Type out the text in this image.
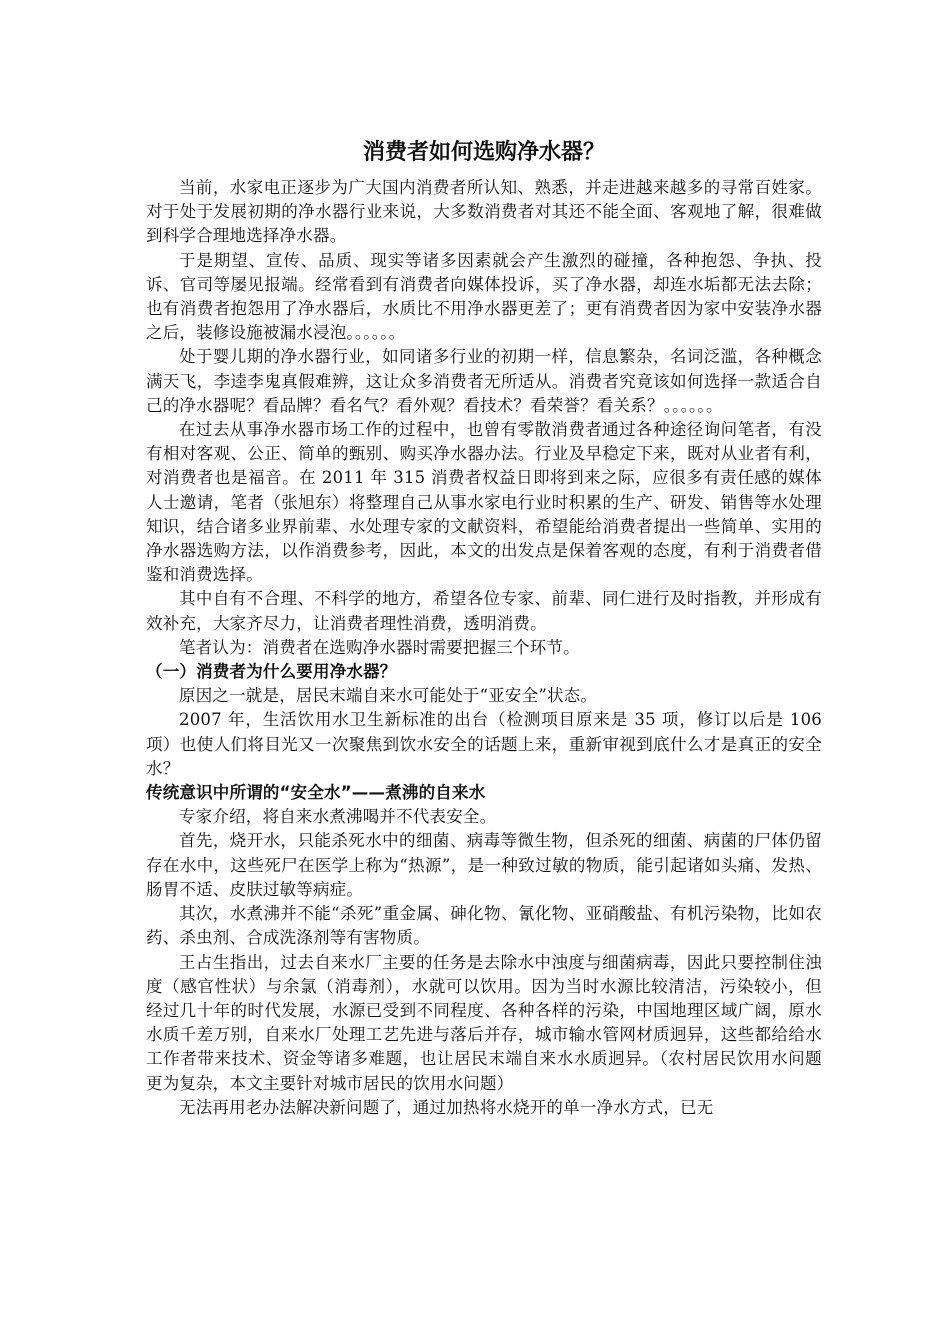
消费者如何选购净水器？

当前，水家电正逐步为广大国内消费者所认知、熟悉，并走进越来越多的寻常百姓家。对于处于发展初期的净水器行业来说，大多数消费者对其还不能全面、客观地了解，很难做到科学合理地选择净水器。

于是期望、宣传、品质、现实等诸多因素就会产生激烈的碰撞，各种抱怨、争执、投诉、官司等屡见报端。经常看到有消费者向媒体投诉，买了净水器，却连水垢都无法去除；也有消费者抱怨用了净水器后，水质比不用净水器更差了；更有消费者因为家中安装净水器之后，装修设施被漏水浸泡。。。。。。

处于婴儿期的净水器行业，如同诸多行业的初期一样，信息繁杂，名词泛滥，各种概念满天飞，李逵李鬼真假难辨，这让众多消费者无所适从。消费者究竟该如何选择一款适合自己的净水器呢？看品牌？看名气？看外观？看技术？看荣誉？看关系？。。。。。。

在过去从事净水器市场工作的过程中，也曾有零散消费者通过各种途径询问笔者，有没有相对客观、公正、简单的甄别、购买净水器办法。行业及早稳定下来，既对从业者有利，对消费者也是福音。在 2011 年 315 消费者权益日即将到来之际，应很多有责任感的媒体人士邀请，笔者（张旭东）将整理自己从事水家电行业时积累的生产、研发、销售等水处理知识，结合诸多业界前辈、水处理专家的文献资料，希望能给消费者提出一些简单、实用的净水器选购方法，以作消费参考，因此，本文的出发点是保着客观的态度，有利于消费者借鉴和消费选择。

其中自有不合理、不科学的地方，希望各位专家、前辈、同仁进行及时指教，并形成有效补充，大家齐尽力，让消费者理性消费，透明消费。

笔者认为：消费者在选购净水器时需要把握三个环节。

（一）消费者为什么要用净水器？

原因之一就是，居民末端自来水可能处于“亚安全”状态。

2007 年，生活饮用水卫生新标准的出台（检测项目原来是 35 项，修订以后是 106 项）也使人们将目光又一次聚焦到饮水安全的话题上来，重新审视到底什么才是真正的安全水？

传统意识中所谓的“安全水”——煮沸的自来水

专家介绍，将自来水煮沸喝并不代表安全。

首先，烧开水，只能杀死水中的细菌、病毒等微生物，但杀死的细菌、病菌的尸体仍留存在水中，这些死尸在医学上称为“热源”，是一种致过敏的物质，能引起诸如头痛、发热、肠胃不适、皮肤过敏等病症。

其次，水煮沸并不能“杀死”重金属、砷化物、氰化物、亚硝酸盐、有机污染物，比如农药、杀虫剂、合成洗涤剂等有害物质。

王占生指出，过去自来水厂主要的任务是去除水中浊度与细菌病毒，因此只要控制住浊度（感官性状）与余氯（消毒剂），水就可以饮用。因为当时水源比较清洁，污染较小，但经过几十年的时代发展，水源已受到不同程度、各种各样的污染，中国地理区域广阔，原水水质千差万别，自来水厂处理工艺先进与落后并存，城市输水管网材质迥异，这些都给给水工作者带来技术、资金等诸多难题，也让居民末端自来水水质迥异。（农村居民饮用水问题更为复杂，本文主要针对城市居民的饮用水问题）

无法再用老办法解决新问题了，通过加热将水烧开的单一净水方式，已无
